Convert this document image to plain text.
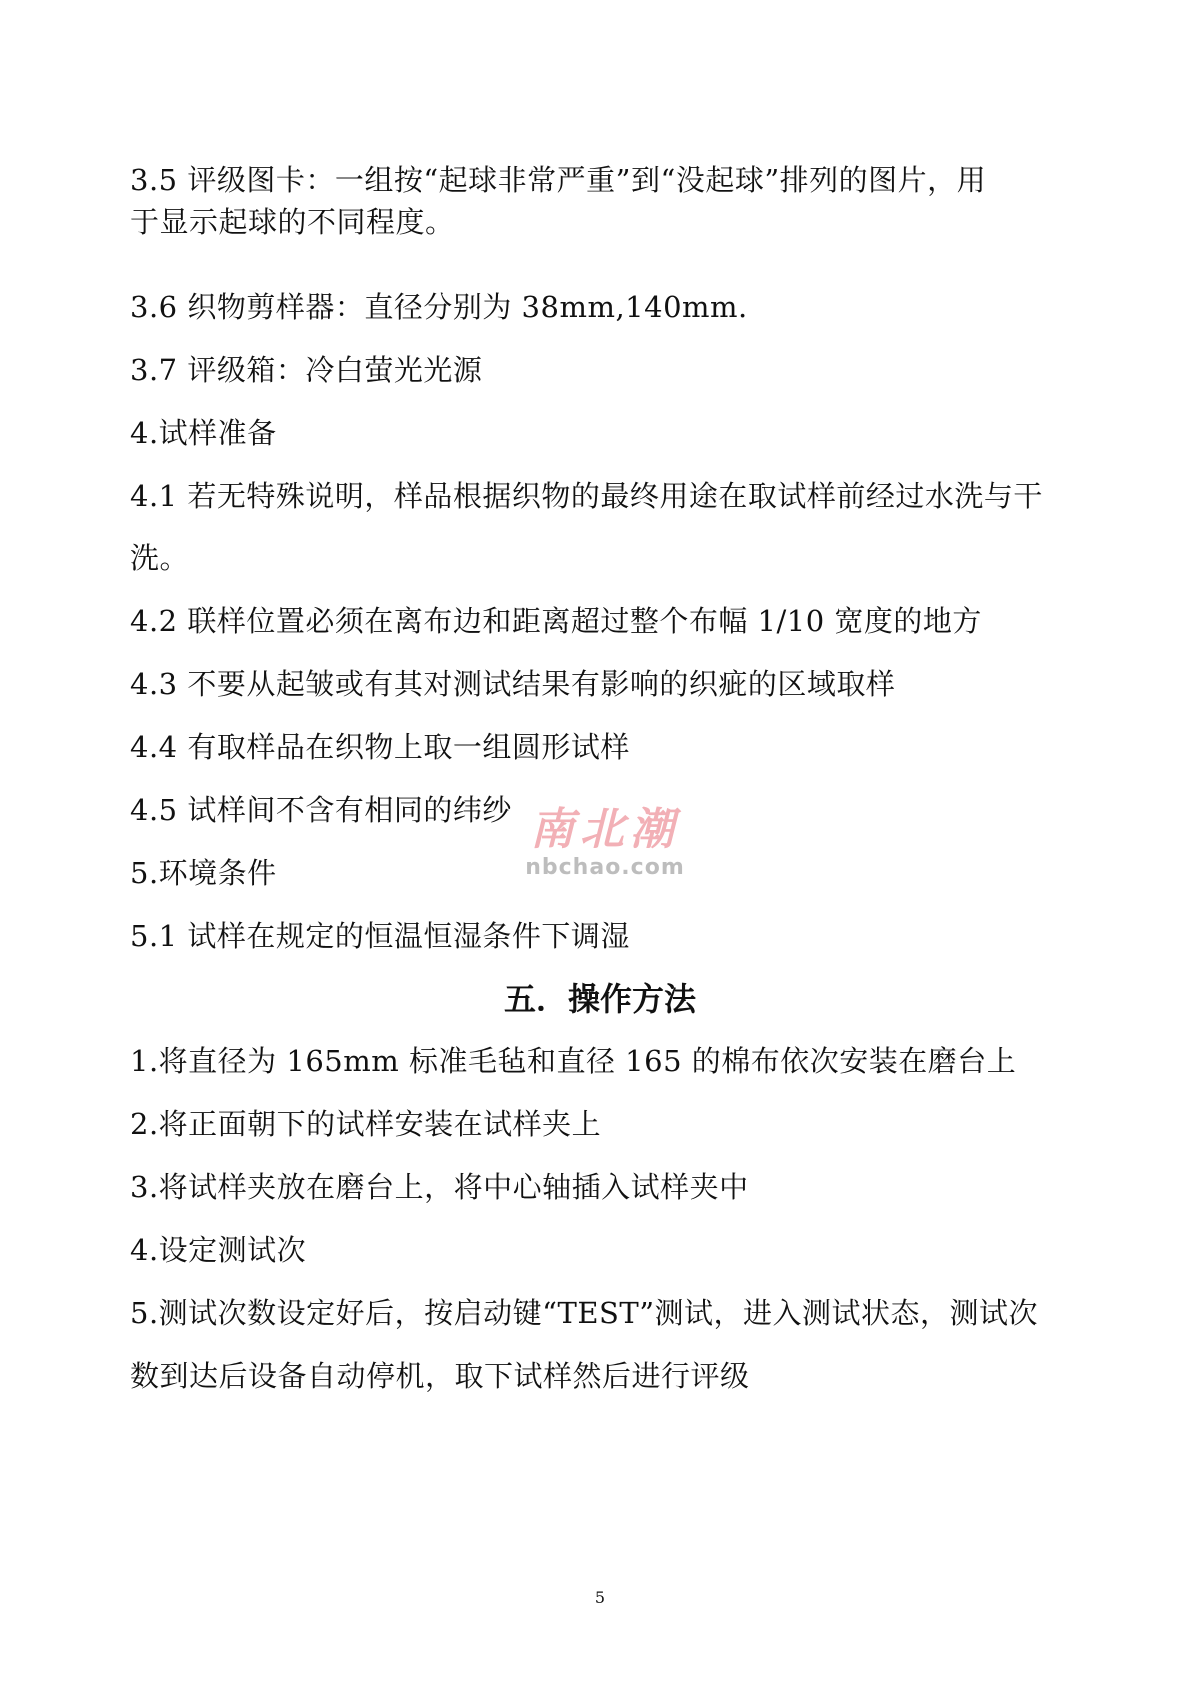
3.5 评级图卡：一组按“起球非常严重”到“没起球”排列的图片，用
于显示起球的不同程度。
3.6 织物剪样器：直径分别为 38mm,140mm.
3.7 评级箱：冷白萤光光源
4.试样准备
4.1 若无特殊说明，样品根据织物的最终用途在取试样前经过水洗与干
洗。
4.2 联样位置必须在离布边和距离超过整个布幅 1/10 宽度的地方
4.3 不要从起皱或有其对测试结果有影响的织疵的区域取样
4.4 有取样品在织物上取一组圆形试样
4.5 试样间不含有相同的纬纱
5.环境条件
5.1 试样在规定的恒温恒湿条件下调湿
五．操作方法
1.将直径为 165mm 标准毛毡和直径 165 的棉布依次安装在磨台上
2.将正面朝下的试样安装在试样夹上
3.将试样夹放在磨台上，将中心轴插入试样夹中
4.设定测试次
5.测试次数设定好后，按启动键“TEST”测试，进入测试状态，测试次
数到达后设备自动停机，取下试样然后进行评级
南北潮
nbchao.com
5
